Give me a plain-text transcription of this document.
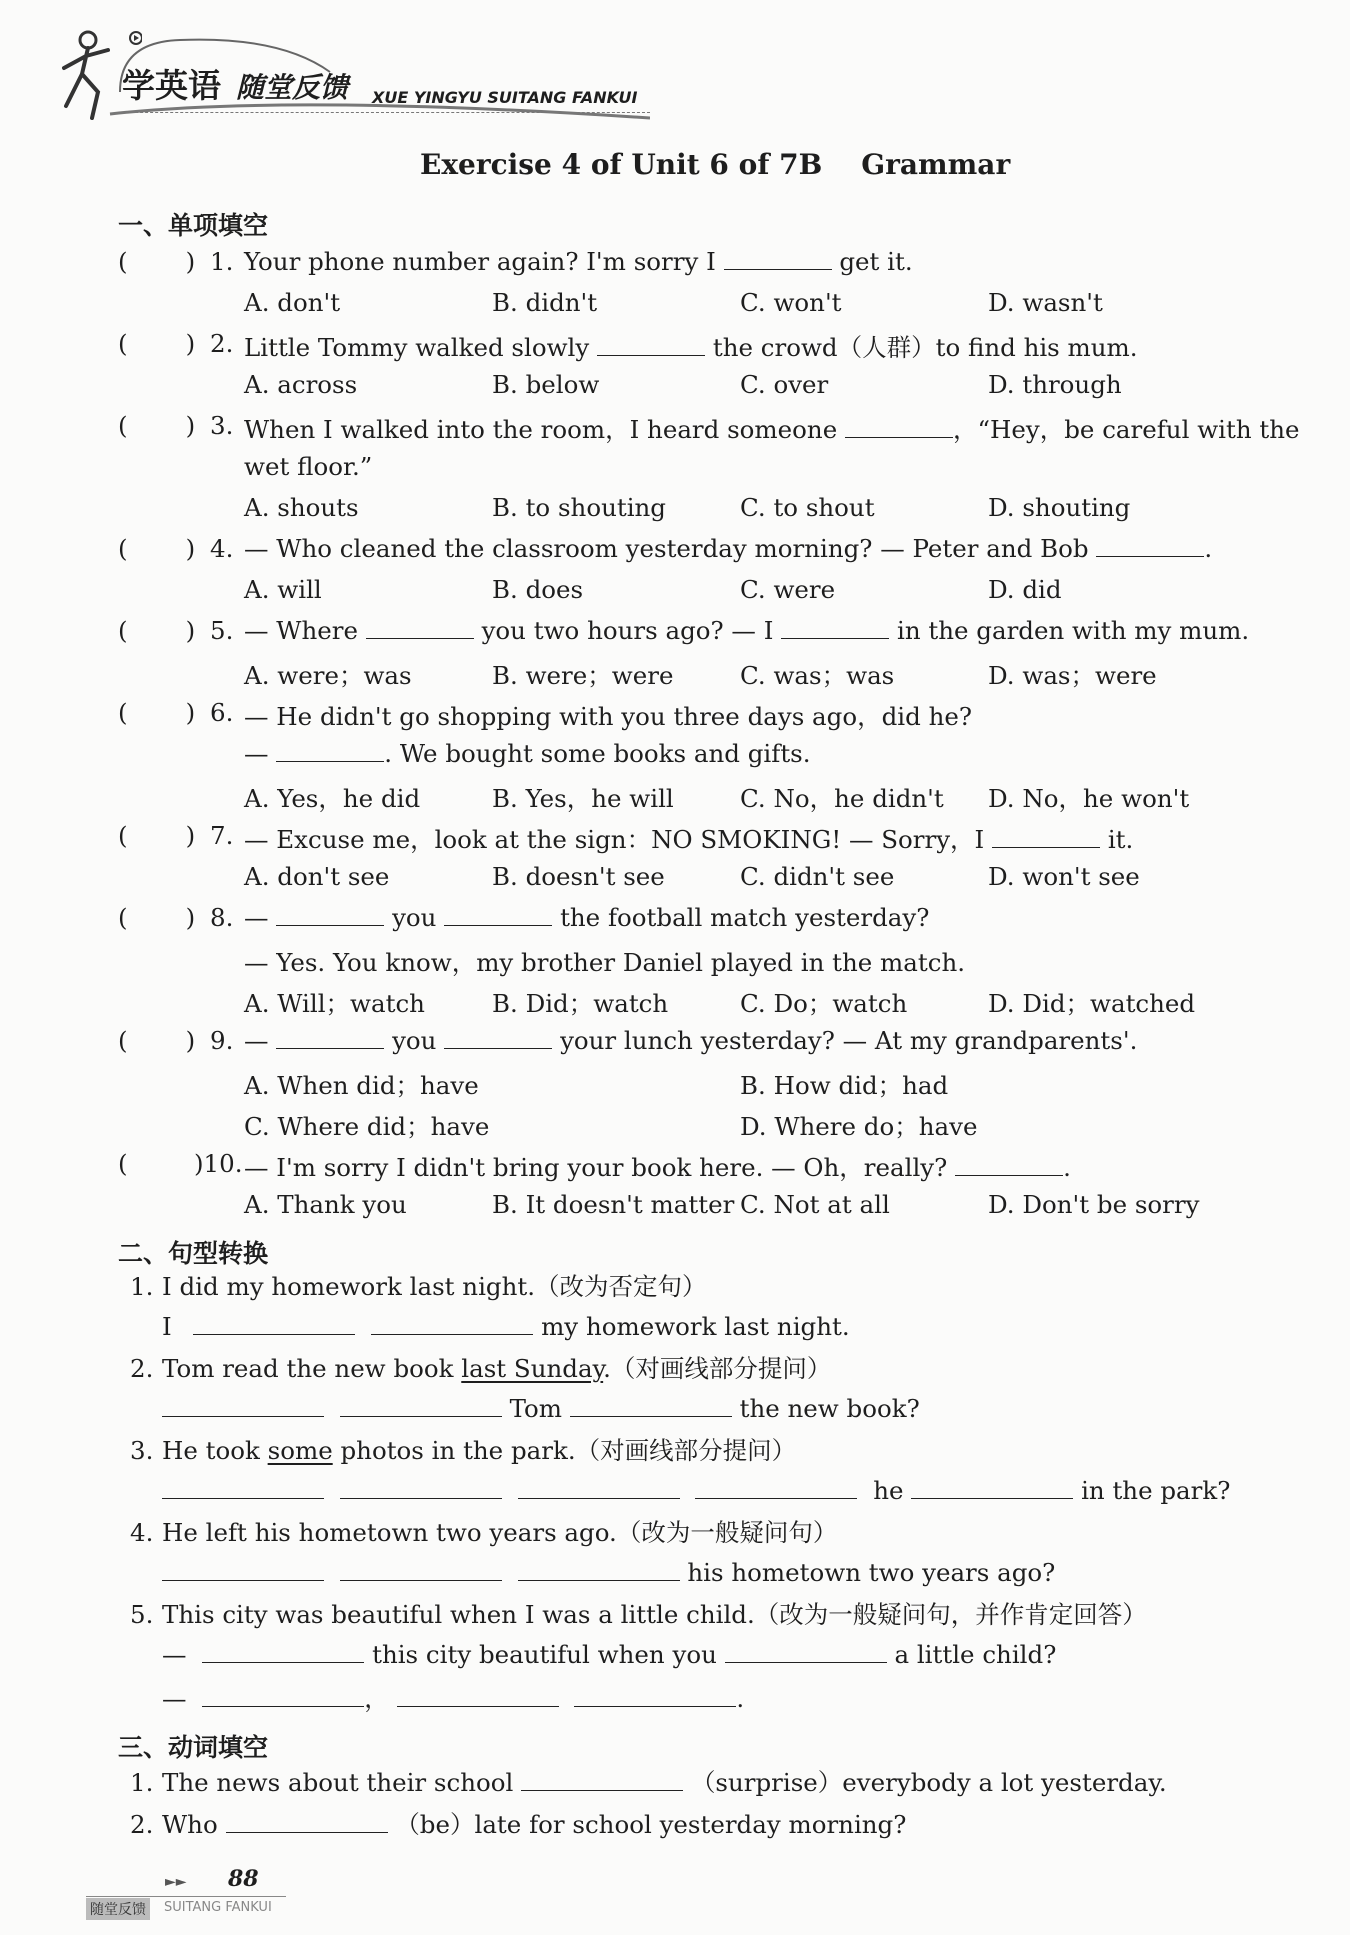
学英语 随堂反馈 XUE YINGYU SUITANG FANKUI
Exercise 4 of Unit 6 of 7B    Grammar
一、单项填空
( ) 1. Your phone number again? I'm sorry I	get it.
A. don't	B. didn't	C. won't	D. wasn't
( ) 2. Little Tommy walked slowly	the crowd（人群）to find his mum.
A. across	B. below	C. over	D. through
( ) 3. When I walked into the room，I heard someone	，“Hey，be careful with the
wet floor.”
A. shouts	B. to shouting	C. to shout	D. shouting
( ) 4. — Who cleaned the classroom yesterday morning? — Peter and Bob	.
A. will	B. does	C. were	D. did
( ) 5. — Where	you two hours ago? — I	in the garden with my mum.
A. were；was	B. were；were	C. was；was	D. was；were
( ) 6. — He didn't go shopping with you three days ago，did he?
—	. We bought some books and gifts.
A. Yes，he did	B. Yes，he will	C. No，he didn't D. No，he won't
( ) 7. — Excuse me，look at the sign：NO SMOKING! — Sorry，I	it.
A. don't see	B. doesn't see	C. didn't see	D. won't see
( ) 8. —	you	the football match yesterday?
— Yes. You know，my brother Daniel played in the match.
A. Will；watch	B. Did；watch	C. Do；watch	D. Did；watched
( ) 9. —	you	your lunch yesterday? — At my grandparents'.
A. When did；have	B. How did；had
C. Where did；have	D. Where do；have
(	)10. — I'm sorry I didn't bring your book here. — Oh，really?	.
A. Thank you	B. It doesn't matter C. Not at all	D. Don't be sorry
二、句型转换
1. I did my homework last night.（改为否定句）
I	my homework last night.
2. Tom read the new book last Sunday.（对画线部分提问）
Tom	the new book?
3. He took some photos in the park.（对画线部分提问）
he	in the park?
4. He left his hometown two years ago.（改为一般疑问句）
his hometown two years ago?
5. This city was beautiful when I was a little child.（改为一般疑问句，并作肯定回答）
—	this city beautiful when you	a little child?
—	，	.
三、动词填空
1. The news about their school	（surprise）everybody a lot yesterday.
2. Who	（be）late for school yesterday morning?
►► 88
随堂反馈	SUITANG FANKUI
